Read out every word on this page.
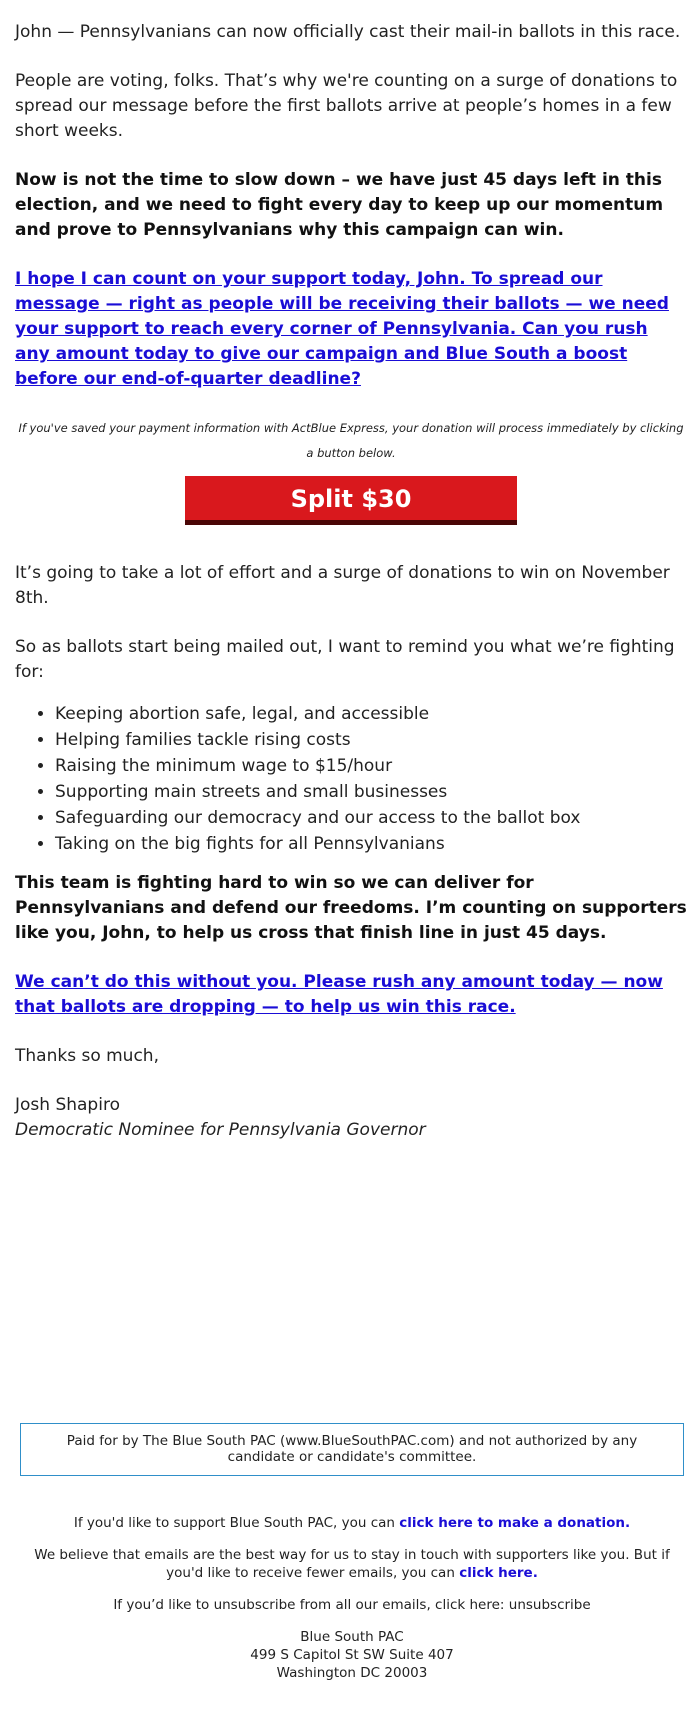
John — Pennsylvanians can now officially cast their mail-in ballots in this race.

People are voting, folks. That’s why we're counting on a surge of donations to spread our message before the first ballots arrive at people’s homes in a few short weeks.

Now is not the time to slow down – we have just 45 days left in this election, and we need to fight every day to keep up our momentum and prove to Pennsylvanians why this campaign can win.

I hope I can count on your support today, John. To spread our message — right as people will be receiving their ballots — we need your support to reach every corner of Pennsylvania. Can you rush any amount today to give our campaign and Blue South a boost before our end-of-quarter deadline?

If you've saved your payment information with ActBlue Express, your donation will process immediately by clicking a button below.
Split $30

It’s going to take a lot of effort and a surge of donations to win on November 8th.

So as ballots start being mailed out, I want to remind you what we’re fighting for:

• Keeping abortion safe, legal, and accessible
• Helping families tackle rising costs
• Raising the minimum wage to $15/hour
• Supporting main streets and small businesses
• Safeguarding our democracy and our access to the ballot box
• Taking on the big fights for all Pennsylvanians

This team is fighting hard to win so we can deliver for Pennsylvanians and defend our freedoms. I’m counting on supporters like you, John, to help us cross that finish line in just 45 days.

We can’t do this without you. Please rush any amount today — now that ballots are dropping — to help us win this race.

Thanks so much,

Josh Shapiro
Democratic Nominee for Pennsylvania Governor

Paid for by The Blue South PAC (www.BlueSouthPAC.com) and not authorized by any candidate or candidate's committee.

If you'd like to support Blue South PAC, you can click here to make a donation.

We believe that emails are the best way for us to stay in touch with supporters like you. But if you'd like to receive fewer emails, you can click here.

If you’d like to unsubscribe from all our emails, click here: unsubscribe

Blue South PAC
499 S Capitol St SW Suite 407
Washington DC 20003
